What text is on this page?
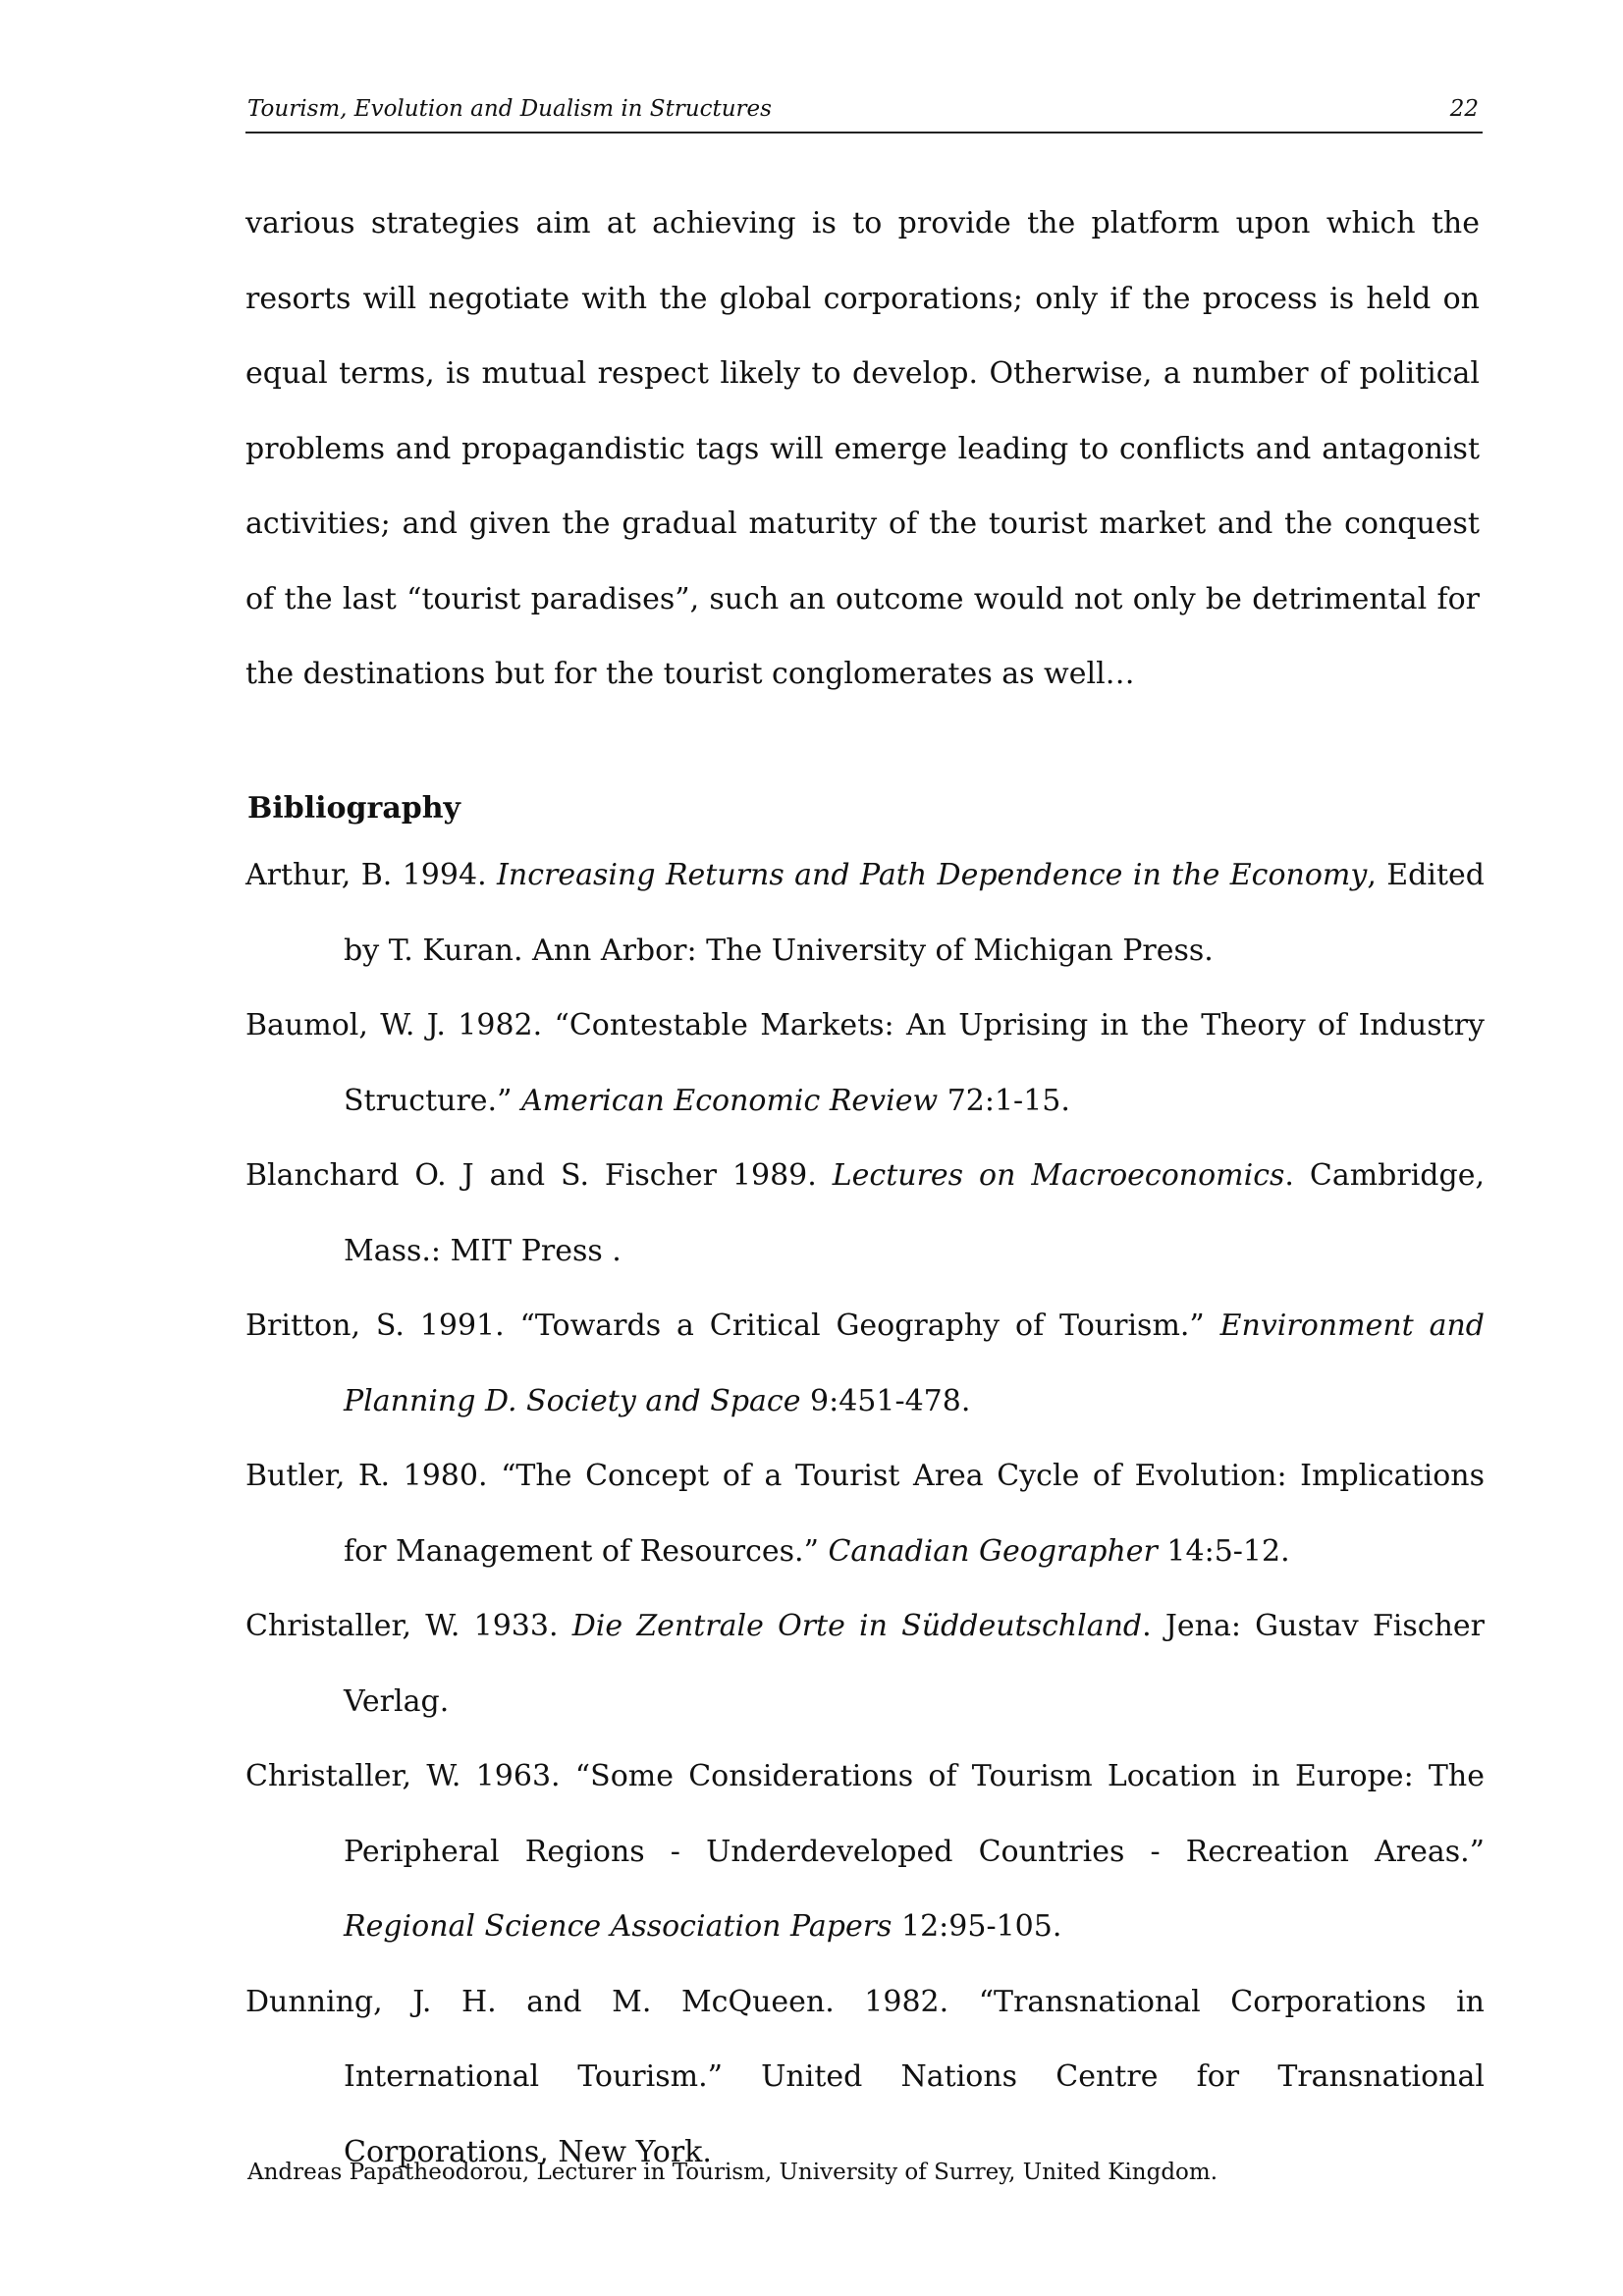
Tourism, Evolution and Dualism in Structures	22

various strategies aim at achieving is to provide the platform upon which the resorts will negotiate with the global corporations; only if the process is held on equal terms, is mutual respect likely to develop. Otherwise, a number of political problems and propagandistic tags will emerge leading to conflicts and antagonist activities; and given the gradual maturity of the tourist market and the conquest of the last “tourist paradises”, such an outcome would not only be detrimental for the destinations but for the tourist conglomerates as well…

Bibliography
Arthur, B. 1994. Increasing Returns and Path Dependence in the Economy, Edited by T. Kuran. Ann Arbor: The University of Michigan Press.
Baumol, W. J. 1982. “Contestable Markets: An Uprising in the Theory of Industry Structure.” American Economic Review 72:1-15.
Blanchard O. J and S. Fischer 1989. Lectures on Macroeconomics. Cambridge, Mass.: MIT Press .
Britton, S. 1991. “Towards a Critical Geography of Tourism.” Environment and Planning D. Society and Space 9:451-478.
Butler, R. 1980. “The Concept of a Tourist Area Cycle of Evolution: Implications for Management of Resources.” Canadian Geographer 14:5-12.
Christaller, W. 1933. Die Zentrale Orte in Süddeutschland. Jena: Gustav Fischer Verlag.
Christaller, W. 1963. “Some Considerations of Tourism Location in Europe: The Peripheral Regions - Underdeveloped Countries - Recreation Areas.” Regional Science Association Papers 12:95-105.
Dunning, J. H. and M. McQueen. 1982. “Transnational Corporations in International Tourism.” United Nations Centre for Transnational Corporations, New York.
Andreas Papatheodorou, Lecturer in Tourism, University of Surrey, United Kingdom.
